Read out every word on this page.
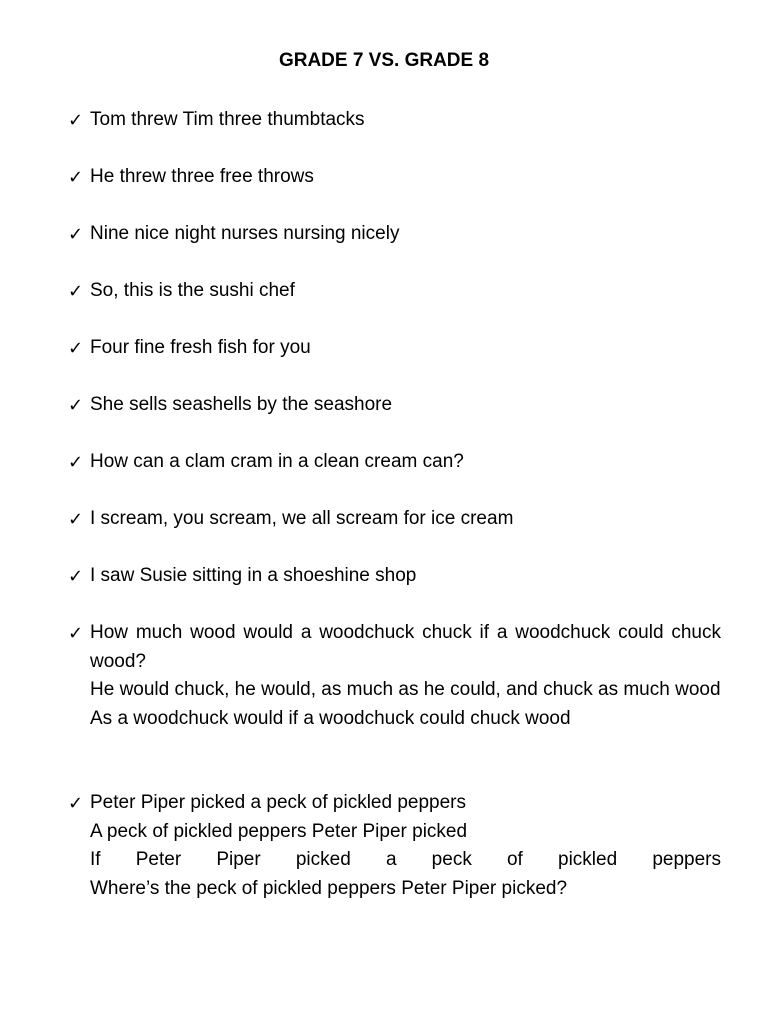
GRADE 7 VS. GRADE 8
✓ Tom threw Tim three thumbtacks
✓ He threw three free throws
✓ Nine nice night nurses nursing nicely
✓ So, this is the sushi chef
✓ Four fine fresh fish for you
✓ She sells seashells by the seashore
✓ How can a clam cram in a clean cream can?
✓ I scream, you scream, we all scream for ice cream
✓ I saw Susie sitting in a shoeshine shop
✓ How much wood would a woodchuck chuck if a woodchuck could chuck wood?
He would chuck, he would, as much as he could, and chuck as much wood
As a woodchuck would if a woodchuck could chuck wood
✓ Peter Piper picked a peck of pickled peppers
A peck of pickled peppers Peter Piper picked
If Peter Piper picked a peck of pickled peppers
Where’s the peck of pickled peppers Peter Piper picked?
